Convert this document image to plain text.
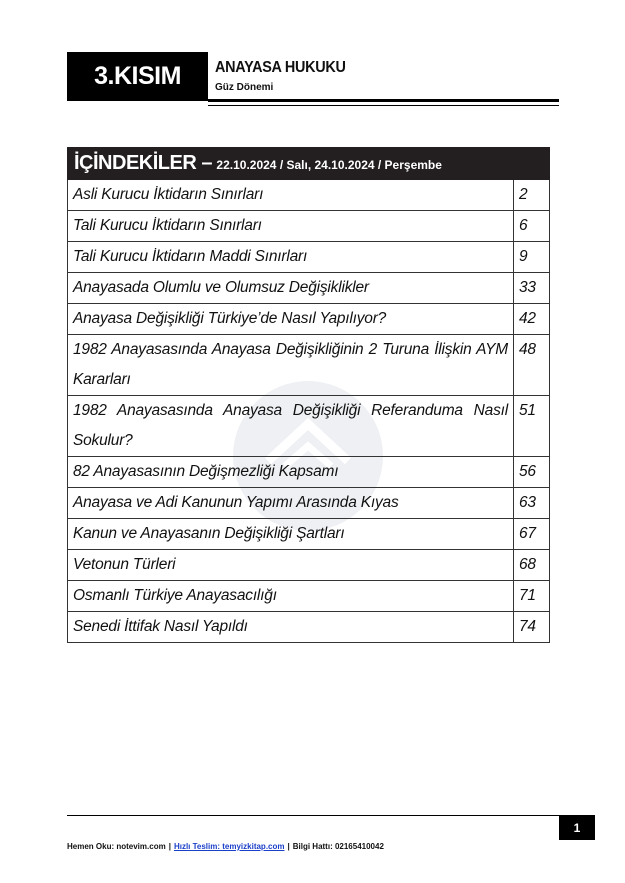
3.KISIM	ANAYASA HUKUKU
Güz Dönemi
İÇİNDEKİLER – 22.10.2024 / Salı, 24.10.2024 / Perşembe	
Asli Kurucu İktidarın Sınırları	2
Tali Kurucu İktidarın Sınırları	6
Tali Kurucu İktidarın Maddi Sınırları	9
Anayasada Olumlu ve Olumsuz Değişiklikler	33
Anayasa Değişikliği Türkiye’de Nasıl Yapılıyor?	42
1982 Anayasasında Anayasa Değişikliğinin 2 Turuna İlişkin AYM Kararları	48
1982 Anayasasında Anayasa Değişikliği Referanduma Nasıl Sokulur?	51
82 Anayasasının Değişmezliği Kapsamı	56
Anayasa ve Adi Kanunun Yapımı Arasında Kıyas	63
Kanun ve Anayasanın Değişikliği Şartları	67
Vetonun Türleri	68
Osmanlı Türkiye Anayasacılığı	71
Senedi İttifak Nasıl Yapıldı	74
1
Hemen Oku: notevim.com | Hızlı Teslim: temyizkitap.com | Bilgi Hattı: 02165410042
